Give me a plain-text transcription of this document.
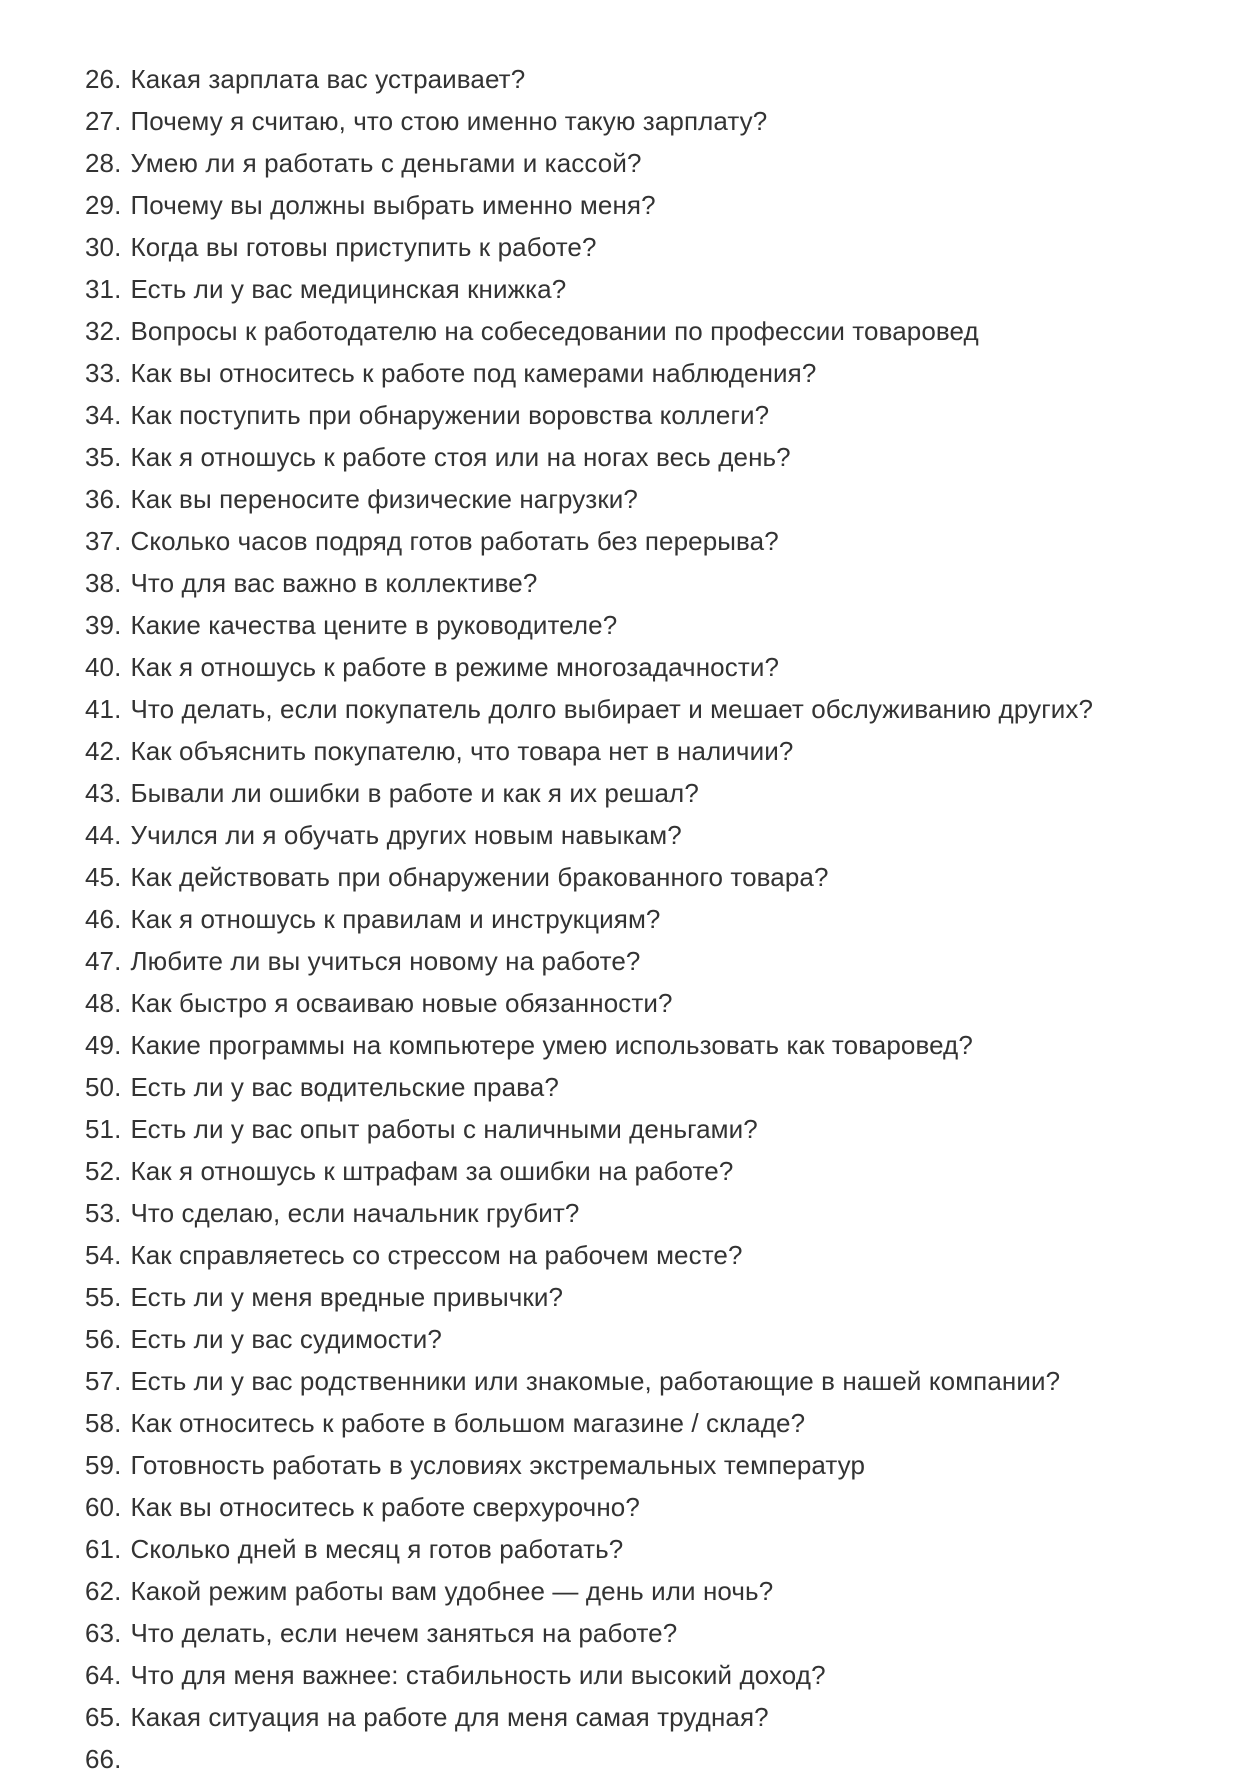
26. Какая зарплата вас устраивает?
27. Почему я считаю, что стою именно такую зарплату?
28. Умею ли я работать с деньгами и кассой?
29. Почему вы должны выбрать именно меня?
30. Когда вы готовы приступить к работе?
31. Есть ли у вас медицинская книжка?
32. Вопросы к работодателю на собеседовании по профессии товаровед
33. Как вы относитесь к работе под камерами наблюдения?
34. Как поступить при обнаружении воровства коллеги?
35. Как я отношусь к работе стоя или на ногах весь день?
36. Как вы переносите физические нагрузки?
37. Сколько часов подряд готов работать без перерыва?
38. Что для вас важно в коллективе?
39. Какие качества цените в руководителе?
40. Как я отношусь к работе в режиме многозадачности?
41. Что делать, если покупатель долго выбирает и мешает обслуживанию других?
42. Как объяснить покупателю, что товара нет в наличии?
43. Бывали ли ошибки в работе и как я их решал?
44. Учился ли я обучать других новым навыкам?
45. Как действовать при обнаружении бракованного товара?
46. Как я отношусь к правилам и инструкциям?
47. Любите ли вы учиться новому на работе?
48. Как быстро я осваиваю новые обязанности?
49. Какие программы на компьютере умею использовать как товаровед?
50. Есть ли у вас водительские права?
51. Есть ли у вас опыт работы с наличными деньгами?
52. Как я отношусь к штрафам за ошибки на работе?
53. Что сделаю, если начальник грубит?
54. Как справляетесь со стрессом на рабочем месте?
55. Есть ли у меня вредные привычки?
56. Есть ли у вас судимости?
57. Есть ли у вас родственники или знакомые, работающие в нашей компании?
58. Как относитесь к работе в большом магазине / складе?
59. Готовность работать в условиях экстремальных температур
60. Как вы относитесь к работе сверхурочно?
61. Сколько дней в месяц я готов работать?
62. Какой режим работы вам удобнее — день или ночь?
63. Что делать, если нечем заняться на работе?
64. Что для меня важнее: стабильность или высокий доход?
65. Какая ситуация на работе для меня самая трудная?
66.
